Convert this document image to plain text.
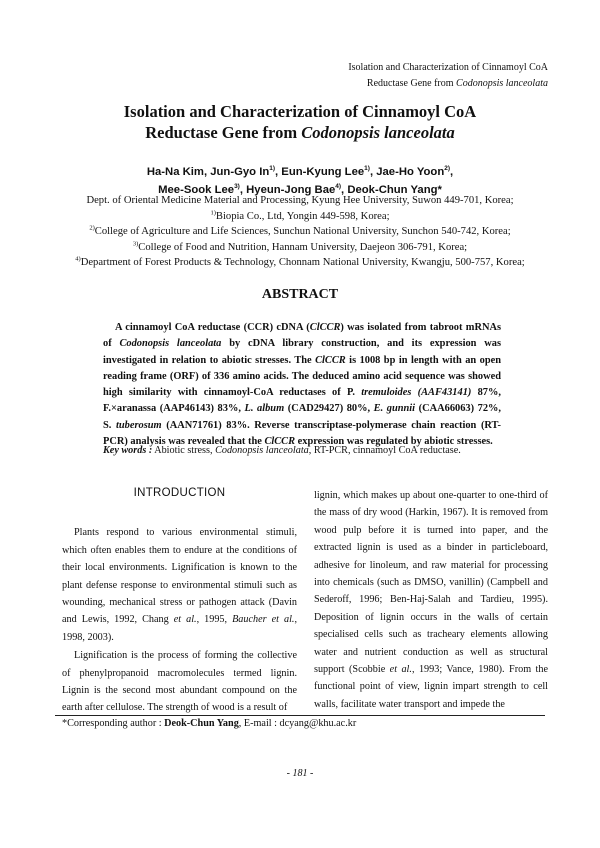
Isolation and Characterization of Cinnamoyl CoA
Reductase Gene from Codonopsis lanceolata
Isolation and Characterization of Cinnamoyl CoA
Reductase Gene from Codonopsis lanceolata
Ha-Na Kim, Jun-Gyo In$^{1)}$, Eun-Kyung Lee$^{1)}$, Jae-Ho Yoon$^{2)}$,
Mee-Sook Lee$^{3)}$, Hyeun-Jong Bae$^{4)}$, Deok-Chun Yang*
Dept. of Oriental Medicine Material and Processing, Kyung Hee University, Suwon 449-701, Korea;
$^{1)}$Biopia Co., Ltd, Yongin 449-598, Korea;
$^{2)}$College of Agriculture and Life Sciences, Sunchun National University, Sunchon 540-742, Korea;
$^{3)}$College of Food and Nutrition, Hannam University, Daejeon 306-791, Korea;
$^{4)}$Department of Forest Products & Technology, Chonnam National University, Kwangju, 500-757, Korea;
ABSTRACT

A cinnamoyl CoA reductase (CCR) cDNA (ClCCR) was isolated from tabroot mRNAs of Codonopsis lanceolata by cDNA library construction, and its expression was investigated in relation to abiotic stresses. The ClCCR is 1008 bp in length with an open reading frame (ORF) of 336 amino acids. The deduced amino acid sequence was showed high similarity with cinnamoyl-CoA reductases of P. tremuloides (AAF43141) 87%, F.×aranassa (AAP46143) 83%, L. album (CAD29427) 80%, E. gunnii (CAA66063) 72%, S. tuberosum (AAN71761) 83%. Reverse transcriptase-polymerase chain reaction (RT-PCR) analysis was revealed that the ClCCR expression was regulated by abiotic stresses.

Key words : Abiotic stress, Codonopsis lanceolata, RT-PCR, cinnamoyl CoA reductase.
INTRODUCTION

Plants respond to various environmental stimuli, which often enables them to endure at the conditions of their local environments. Lignification is known to the plant defense response to environmental stimuli such as wounding, mechanical stress or pathogen attack (Davin and Lewis, 1992, Chang et al., 1995, Baucher et al., 1998, 2003).

Lignification is the process of forming the collective of phenylpropanoid macromolecules termed lignin. Lignin is the second most abundant compound on the earth after cellulose. The strength of wood is a result of

lignin, which makes up about one-quarter to one-third of the mass of dry wood (Harkin, 1967). It is removed from wood pulp before it is turned into paper, and the extracted lignin is used as a binder in particleboard, adhesive for linoleum, and raw material for processing into chemicals (such as DMSO, vanillin) (Campbell and Sederoff, 1996; Ben-Haj-Salah and Tardieu, 1995). Deposition of lignin occurs in the walls of certain specialised cells such as tracheary elements allowing water and nutrient conduction as well as structural support (Scobbie et al., 1993; Vance, 1980). From the functional point of view, lignin impart strength to cell walls, facilitate water transport and impede the

*Corresponding author : Deok-Chun Yang, E-mail : dcyang@khu.ac.kr
- 181 -
